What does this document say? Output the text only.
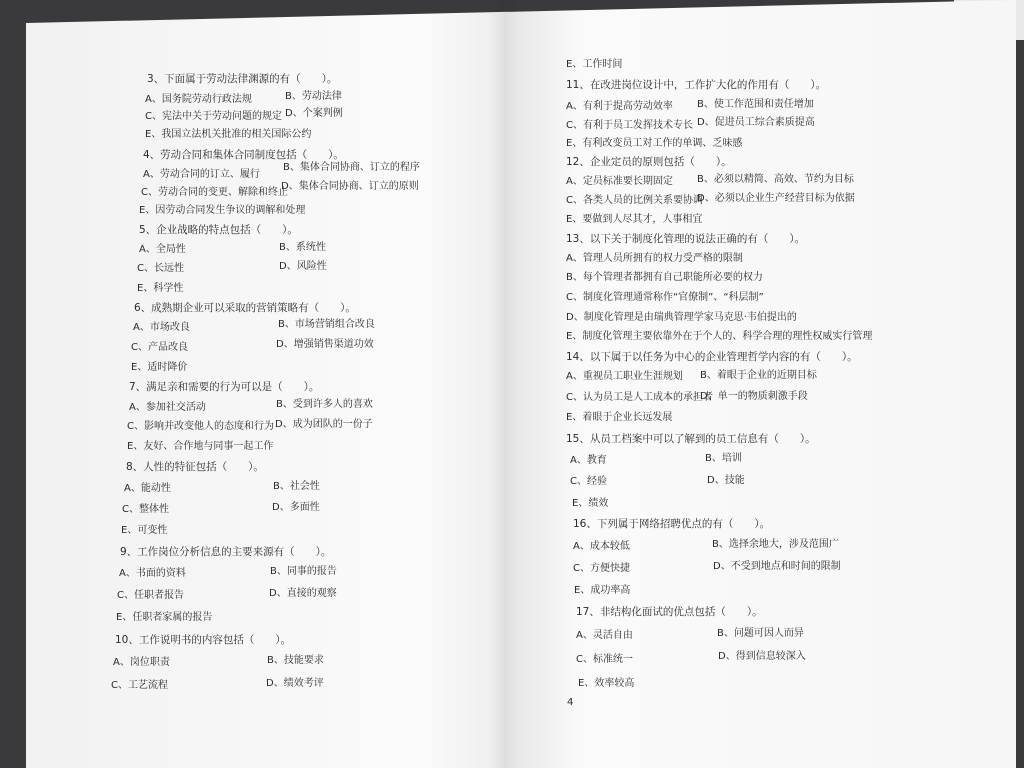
3、下面属于劳动法律渊源的有（　　）。
A、国务院劳动行政法规	B、劳动法律
C、宪法中关于劳动问题的规定 D、个案判例
E、我国立法机关批准的相关国际公约
4、劳动合同和集体合同制度包括（　　）。
A、劳动合同的订立、履行
B、集体合同协商、订立的程序
C、劳动合同的变更、解除和终止
D、集体合同协商、订立的原则
E、因劳动合同发生争议的调解和处理
5、企业战略的特点包括（　　）。
A、全局性	B、系统性
C、长远性	D、风险性
E、科学性
6、成熟期企业可以采取的营销策略有（　　）。
A、市场改良	B、市场营销组合改良
C、产品改良	D、增强销售渠道功效
E、适时降价
7、满足亲和需要的行为可以是（　　）。
A、参加社交活动	B、受到许多人的喜欢
C、影响并改变他人的态度和行为 D、成为团队的一份子
E、友好、合作地与同事一起工作
8、人性的特征包括（　　）。
A、能动性	B、社会性
C、整体性	D、多面性
E、可变性
9、工作岗位分析信息的主要来源有（　　）。
A、书面的资料	B、同事的报告
C、任职者报告	D、直接的观察
E、任职者家属的报告
10、工作说明书的内容包括（　　）。
A、岗位职责	B、技能要求
C、工艺流程	D、绩效考评
E、工作时间
11、在改进岗位设计中，工作扩大化的作用有（　　）。
A、有利于提高劳动效率 B、使工作范围和责任增加
C、有利于员工发挥技术专长 D、促进员工综合素质提高
E、有利改变员工对工作的单调、乏味感
12、企业定员的原则包括（　　）。
A、定员标准要长期固定 B、必须以精简、高效、节约为目标
C、各类人员的比例关系要协调
D、必须以企业生产经营目标为依据
E、要做到人尽其才，人事相宜
13、以下关于制度化管理的说法正确的有（　　）。
A、管理人员所拥有的权力受严格的限制
B、每个管理者都拥有自己职能所必要的权力
C、制度化管理通常称作“官僚制”、“科层制”
D、制度化管理是由瑞典管理学家马克思·韦伯提出的
E、制度化管理主要依靠外在于个人的、科学合理的理性权威实行管理
14、以下属于以任务为中心的企业管理哲学内容的有（　　）。
A、重视员工职业生涯规划 B、着眼于企业的近期目标
C、认为员工是人工成本的承担者
D、单一的物质刺激手段
E、着眼于企业长远发展
15、从员工档案中可以了解到的员工信息有（　　）。
A、教育	B、培训
C、经验	D、技能
E、绩效
16、下列属于网络招聘优点的有（　　）。
A、成本较低	B、选择余地大，涉及范围广
C、方便快捷	D、不受到地点和时间的限制
E、成功率高
17、非结构化面试的优点包括（　　）。
A、灵活自由	B、问题可因人而异
C、标准统一	D、得到信息较深入
E、效率较高
4
